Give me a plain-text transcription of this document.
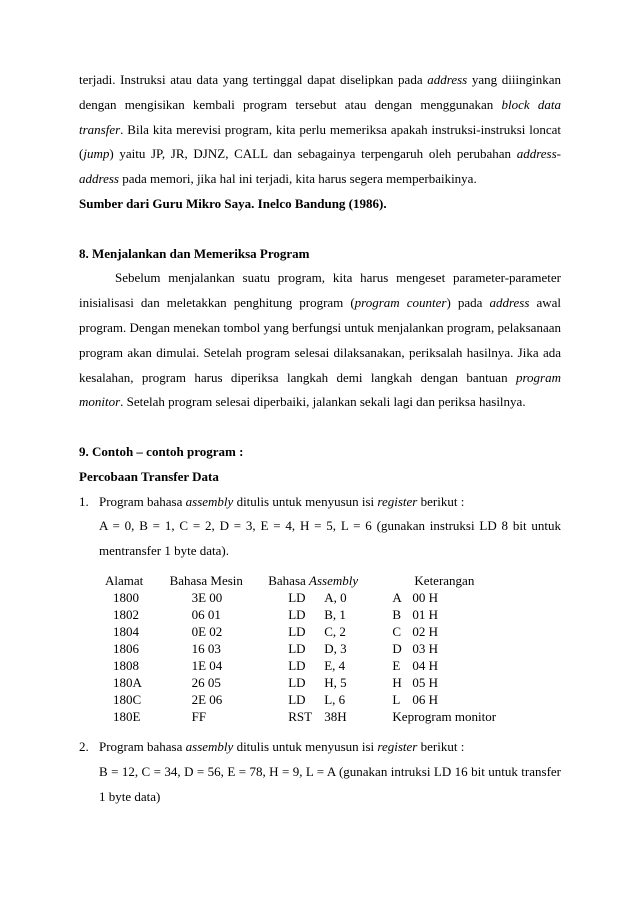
terjadi. Instruksi atau data yang tertinggal dapat diselipkan pada address yang diiinginkan dengan mengisikan kembali program tersebut atau dengan menggunakan block data transfer. Bila kita merevisi program, kita perlu memeriksa apakah instruksi-instruksi loncat (jump) yaitu JP, JR, DJNZ, CALL dan sebagainya terpengaruh oleh perubahan address-address pada memori, jika hal ini terjadi, kita harus segera memperbaikinya.

Sumber dari Guru Mikro Saya. Inelco Bandung (1986).

8. Menjalankan dan Memeriksa Program

Sebelum menjalankan suatu program, kita harus mengeset parameter-parameter inisialisasi dan meletakkan penghitung program (program counter) pada address awal program. Dengan menekan tombol yang berfungsi untuk menjalankan program, pelaksanaan program akan dimulai. Setelah program selesai dilaksanakan, periksalah hasilnya. Jika ada kesalahan, program harus diperiksa langkah demi langkah dengan bantuan program monitor. Setelah program selesai diperbaiki, jalankan sekali lagi dan periksa hasilnya.

9. Contoh – contoh program :

Percobaan Transfer Data

1. Program bahasa assembly ditulis untuk menyusun isi register berikut :

A = 0, B = 1, C = 2, D = 3, E = 4, H = 5, L = 6 (gunakan instruksi LD 8 bit untuk mentransfer 1 byte data).

Alamat	Bahasa Mesin	Bahasa Assembly	Keterangan
1800	3E 00	LD A, 0	A 00 H
1802	06 01	LD B, 1	B 01 H
1804	0E 02	LD C, 2	C 02 H
1806	16 03	LD D, 3	D 03 H
1808	1E 04	LD E, 4	E 04 H
180A	26 05	LD H, 5	H 05 H
180C	2E 06	LD L, 6	L 06 H
180E	FF	RST 38H	Keprogram monitor
2. Program bahasa assembly ditulis untuk menyusun isi register berikut :

B = 12, C = 34, D = 56, E = 78, H = 9, L = A (gunakan intruksi LD 16 bit untuk transfer 1 byte data)
